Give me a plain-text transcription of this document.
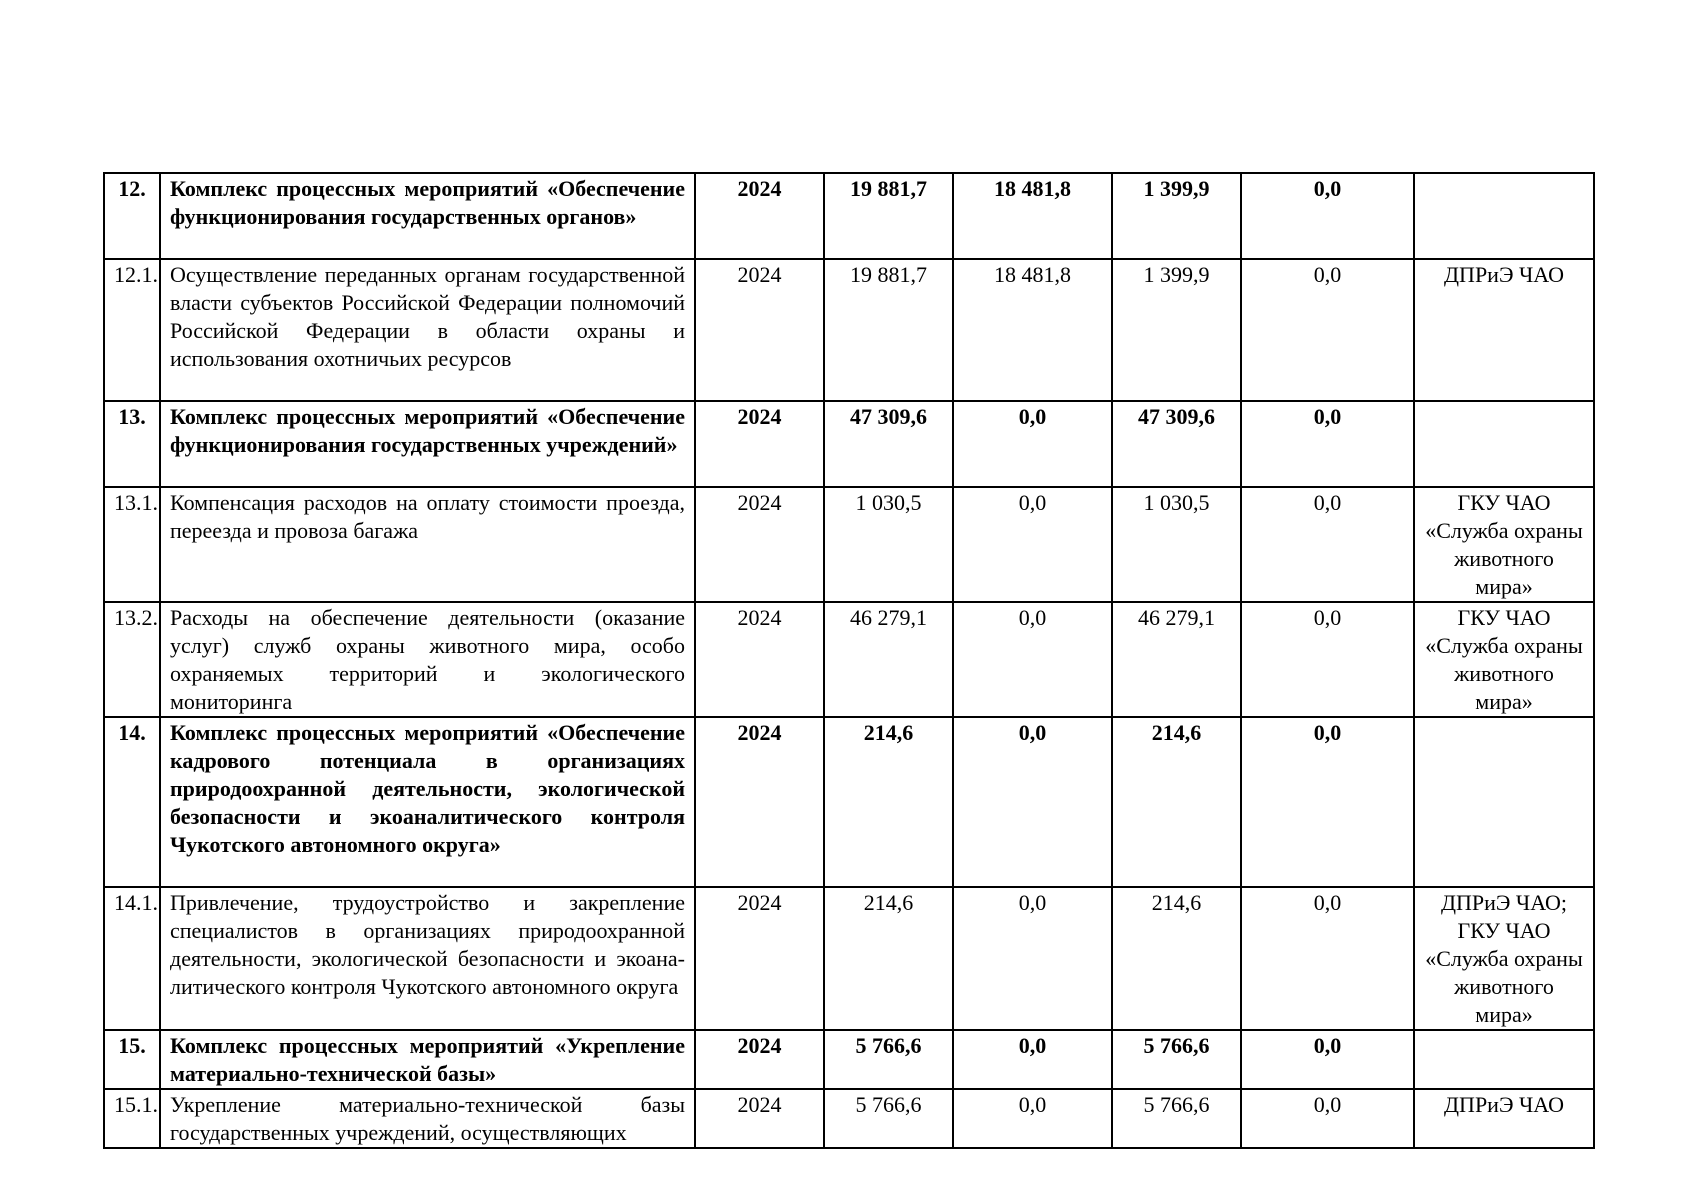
12.	Комплекс процессных мероприятий «Обеспечение функционирования государственных органов»	2024	19 881,7	18 481,8	1 399,9	0,0	
12.1.	Осуществление переданных органам государственной власти субъектов Российской Федерации полномочий Российской Федерации в области охраны и использования охотничьих ресурсов	2024	19 881,7	18 481,8	1 399,9	0,0	ДПРиЭ ЧАО
13.	Комплекс процессных мероприятий «Обеспечение функционирования государственных учреждений»	2024	47 309,6	0,0	47 309,6	0,0	
13.1.	Компенсация расходов на оплату стоимости проезда, переезда и провоза багажа	2024	1 030,5	0,0	1 030,5	0,0	ГКУ ЧАО «Служба охраны животного мира»
13.2.	Расходы на обеспечение деятельности (оказание услуг) служб охраны животного мира, особо охраняемых территорий и экологического мониторинга	2024	46 279,1	0,0	46 279,1	0,0	ГКУ ЧАО «Служба охраны животного мира»
14.	Комплекс процессных мероприятий «Обеспечение кадрового потенциала в организациях природоохранной деятельности, экологической безопасности и экоаналитического контроля Чукотского автономного округа»	2024	214,6	0,0	214,6	0,0	
14.1.	Привлечение, трудоустройство и закрепление специалистов в организациях природоохранной деятельности, экологической безопасности и экоана-литического контроля Чукотского автономного округа	2024	214,6	0,0	214,6	0,0	ДПРиЭ ЧАО; ГКУ ЧАО «Служба охраны животного мира»
15.	Комплекс процессных мероприятий «Укрепление материально-технической базы»	2024	5 766,6	0,0	5 766,6	0,0	
15.1.	Укрепление материально-технической базы государственных учреждений, осуществляющих	2024	5 766,6	0,0	5 766,6	0,0	ДПРиЭ ЧАО
